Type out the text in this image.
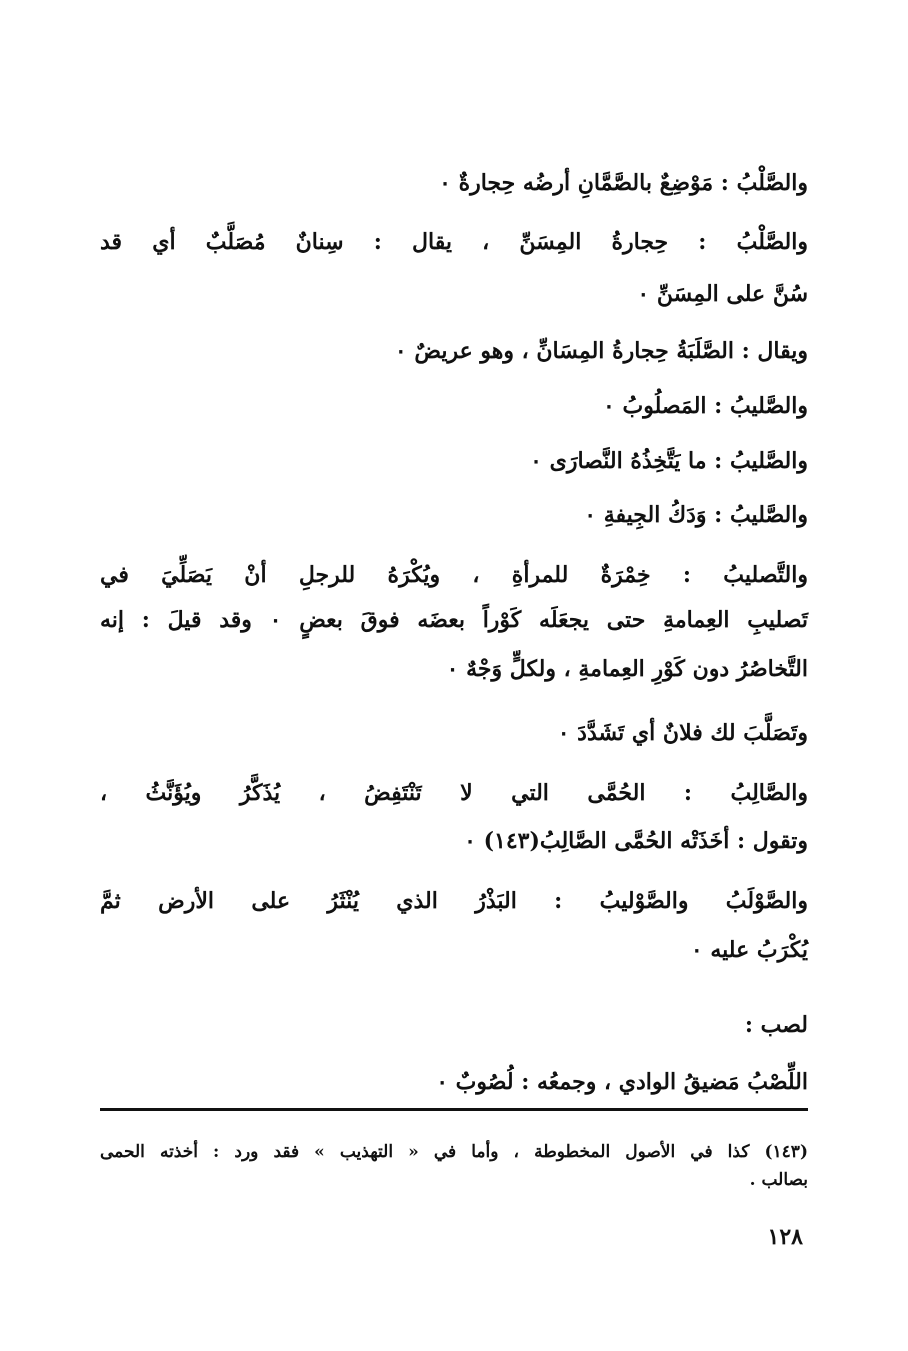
والصَّلْبُ : مَوْضِعٌ بالصَّمَّانِ أرضُه حِجارةٌ ٠
والصَّلْبُ : حِجارةُ المِسَنِّ ، يقال : سِنانٌ مُصَلَّبٌ أي قد
سُنَّ على المِسَنِّ ٠
ويقال : الصَّلَبَةُ حِجارةُ المِسَانِّ ، وهو عريضٌ ٠
والصَّليبُ : المَصلُوبُ ٠
والصَّليبُ : ما يَتَّخِذُهُ النَّصارَى ٠
والصَّليبُ : وَدَكُ الجِيفةِ ٠
والتَّصليبُ : خِمْرَةٌ للمرأةِ ، ويُكْرَهُ للرجلِ أنْ يَصَلِّيَ في
تَصليبِ العِمامةِ حتى يجعَلَه كَوْراً بعضَه فوقَ بعضٍ ٠ وقد قيلَ : إنه
التَّخاصُرُ دون كَوْرِ العِمامةِ ، ولكلٍّ وَجْهٌ ٠
وتَصَلَّبَ لك فلانٌ أي تَشَدَّدَ ٠
والصَّالِبُ : الحُمَّى التي لا تَنْتَفِضُ ، يُذَكَّرُ ويُؤَنَّثُ ،
وتقول : أخَذَتْه الحُمَّى الصَّالِبُ(١٤٣) ٠
والصَّوْلَبُ والصَّوْليبُ : البَذْرُ الذي يُنْثَرُ على الأرض ثمَّ
يُكْرَبُ عليه ٠
لصب :
اللِّصْبُ مَضيقُ الوادي ، وجمعُه : لُصُوبٌ ٠
(١٤٣) كذا في الأصول المخطوطة ، وأما في « التهذيب » فقد ورد : أخذته الحمى
بصالب .
١٢٨
